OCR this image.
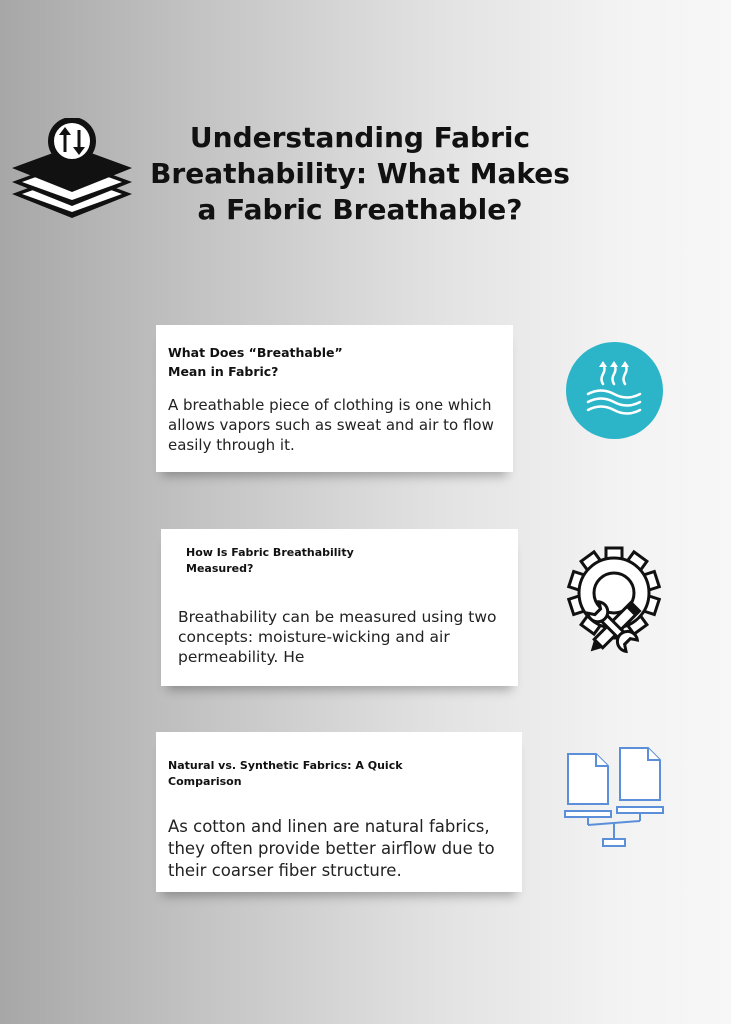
Understanding Fabric Breathability: What Makes a Fabric Breathable?

What Does “Breathable” Mean in Fabric?

A breathable piece of clothing is one which allows vapors such as sweat and air to flow easily through it.

How Is Fabric Breathability Measured?

Breathability can be measured using two concepts: moisture-wicking and air permeability. He

Natural vs. Synthetic Fabrics: A Quick Comparison

As cotton and linen are natural fabrics, they often provide better airflow due to their coarser fiber structure.
